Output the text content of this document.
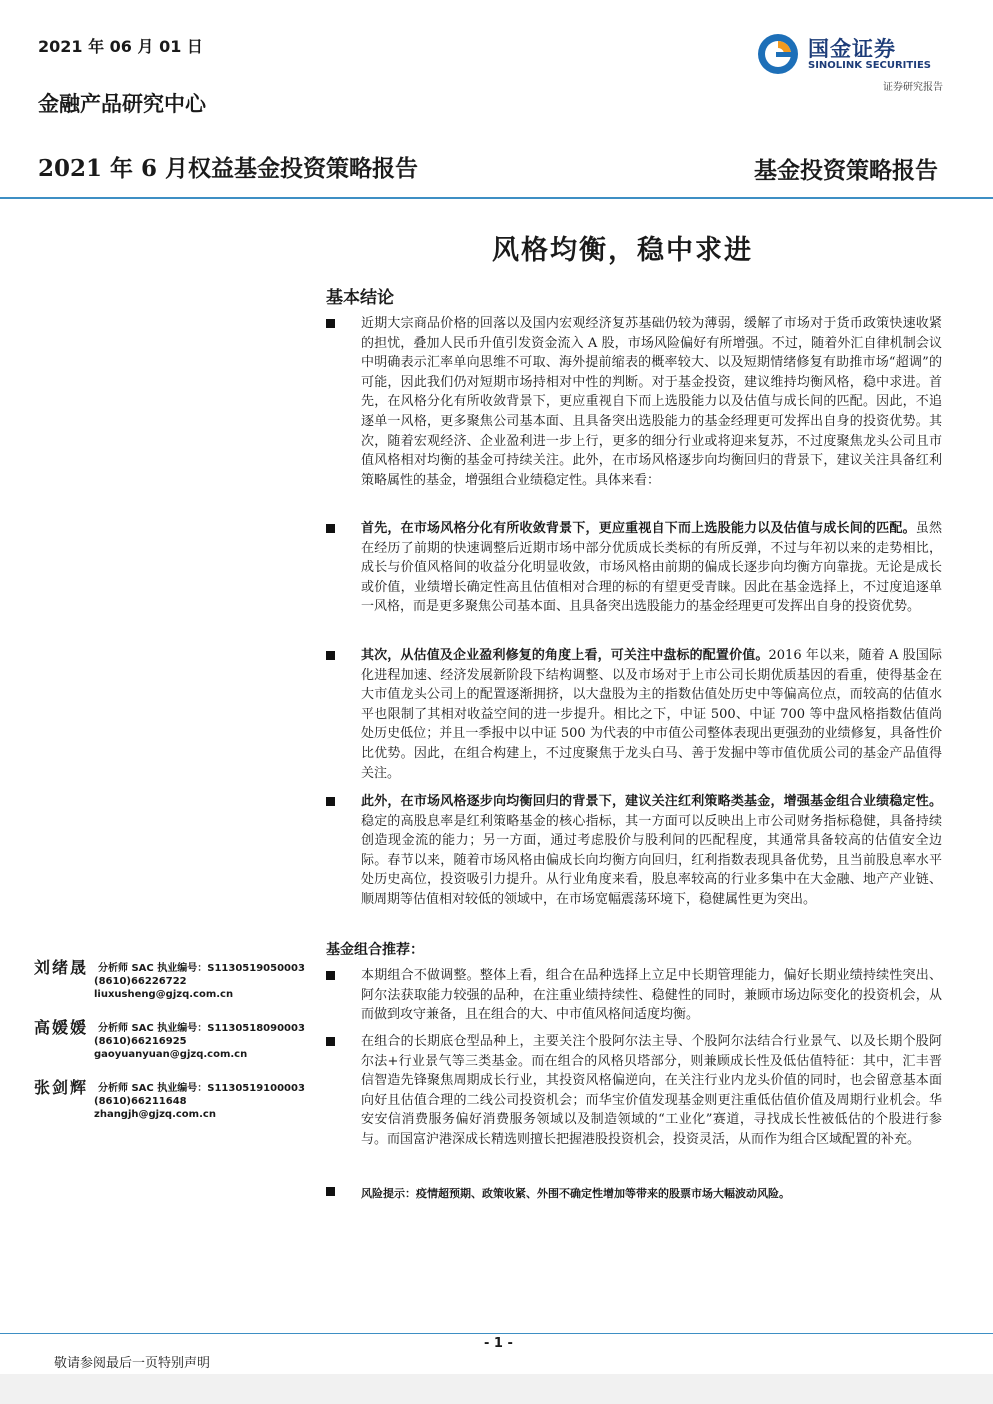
2021 年 06 月 01 日
金融产品研究中心
2021 年 6 月权益基金投资策略报告	基金投资策略报告
国金证券
SINOLINK SECURITIES
证券研究报告
风格均衡，稳中求进
基本结论
近期大宗商品价格的回落以及国内宏观经济复苏基础仍较为薄弱，缓解了市场对于货币政策快速收紧的担忧，叠加人民币升值引发资金流入 A 股，市场风险偏好有所增强。不过，随着外汇自律机制会议中明确表示汇率单向思维不可取、海外提前缩表的概率较大、以及短期情绪修复有助推市场“超调”的可能，因此我们仍对短期市场持相对中性的判断。对于基金投资，建议维持均衡风格，稳中求进。首先，在风格分化有所收敛背景下，更应重视自下而上选股能力以及估值与成长间的匹配。因此，不追逐单一风格，更多聚焦公司基本面、且具备突出选股能力的基金经理更可发挥出自身的投资优势。其次，随着宏观经济、企业盈利进一步上行，更多的细分行业或将迎来复苏，不过度聚焦龙头公司且市值风格相对均衡的基金可持续关注。此外，在市场风格逐步向均衡回归的背景下，建议关注具备红利策略属性的基金，增强组合业绩稳定性。具体来看：
首先，在市场风格分化有所收敛背景下，更应重视自下而上选股能力以及估值与成长间的匹配。虽然在经历了前期的快速调整后近期市场中部分优质成长类标的有所反弹，不过与年初以来的走势相比，成长与价值风格间的收益分化明显收敛，市场风格由前期的偏成长逐步向均衡方向靠拢。无论是成长或价值，业绩增长确定性高且估值相对合理的标的有望更受青睐。因此在基金选择上，不过度追逐单一风格，而是更多聚焦公司基本面、且具备突出选股能力的基金经理更可发挥出自身的投资优势。
其次，从估值及企业盈利修复的角度上看，可关注中盘标的配置价值。2016 年以来，随着 A 股国际化进程加速、经济发展新阶段下结构调整、以及市场对于上市公司长期优质基因的看重，使得基金在大市值龙头公司上的配置逐渐拥挤，以大盘股为主的指数估值处历史中等偏高位点，而较高的估值水平也限制了其相对收益空间的进一步提升。相比之下，中证 500、中证 700 等中盘风格指数估值尚处历史低位；并且一季报中以中证 500 为代表的中市值公司整体表现出更强劲的业绩修复，具备性价比优势。因此，在组合构建上，不过度聚焦于龙头白马、善于发掘中等市值优质公司的基金产品值得关注。
此外，在市场风格逐步向均衡回归的背景下，建议关注红利策略类基金，增强基金组合业绩稳定性。稳定的高股息率是红利策略基金的核心指标，其一方面可以反映出上市公司财务指标稳健，具备持续创造现金流的能力；另一方面，通过考虑股价与股利间的匹配程度，其通常具备较高的估值安全边际。春节以来，随着市场风格由偏成长向均衡方向回归，红利指数表现具备优势，且当前股息率水平处历史高位，投资吸引力提升。从行业角度来看，股息率较高的行业多集中在大金融、地产产业链、顺周期等估值相对较低的领域中，在市场宽幅震荡环境下，稳健属性更为突出。
基金组合推荐：
本期组合不做调整。整体上看，组合在品种选择上立足中长期管理能力，偏好长期业绩持续性突出、阿尔法获取能力较强的品种，在注重业绩持续性、稳健性的同时，兼顾市场边际变化的投资机会，从而做到攻守兼备，且在组合的大、中市值风格间适度均衡。
在组合的长期底仓型品种上，主要关注个股阿尔法主导、个股阿尔法结合行业景气、以及长期个股阿尔法+行业景气等三类基金。而在组合的风格贝塔部分，则兼顾成长性及低估值特征：其中，汇丰晋信智造先锋聚焦周期成长行业，其投资风格偏逆向，在关注行业内龙头价值的同时，也会留意基本面向好且估值合理的二线公司投资机会；而华宝价值发现基金则更注重低估值价值及周期行业机会。华安安信消费服务偏好消费服务领域以及制造领域的“工业化”赛道，寻找成长性被低估的个股进行参与。而国富沪港深成长精选则擅长把握港股投资机会，投资灵活，从而作为组合区域配置的补充。
风险提示：疫情超预期、政策收紧、外围不确定性增加等带来的股票市场大幅波动风险。
刘绪晟 分析师 SAC 执业编号：S1130519050003
(8610)66226722
liuxusheng@gjzq.com.cn
高媛媛 分析师 SAC 执业编号：S1130518090003
(8610)66216925
gaoyuanyuan@gjzq.com.cn
张剑辉 分析师 SAC 执业编号：S1130519100003
(8610)66211648
zhangjh@gjzq.com.cn
- 1 -
敬请参阅最后一页特别声明
